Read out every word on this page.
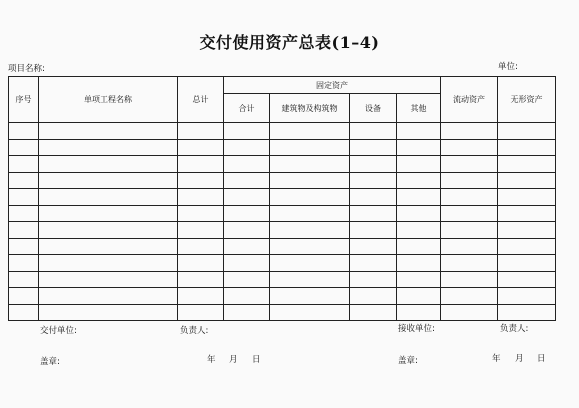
交付使用资产总表(1–4)
项目名称:	单位:
序号	单项工程名称	总计	固定资产				流动资产	无形资产
			合计	建筑物及构筑物	设备	其他		

交付单位:	负责人:	接收单位:	负责人:
盖章:	年 月 日	盖章:	年 月 日
